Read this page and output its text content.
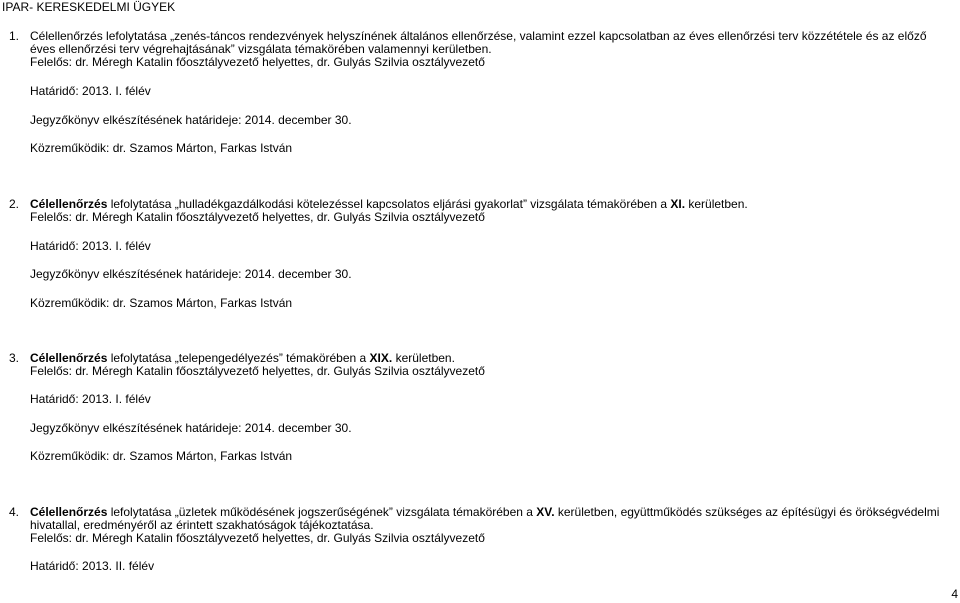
IPAR- KERESKEDELMI ÜGYEK
1. Célellenőrzés lefolytatása „zenés-táncos rendezvények helyszínének általános ellenőrzése, valamint ezzel kapcsolatban az éves ellenőrzési terv közzététele és az előző
éves ellenőrzési terv végrehajtásának” vizsgálata témakörében valamennyi kerületben.
Felelős: dr. Méregh Katalin főosztályvezető helyettes, dr. Gulyás Szilvia osztályvezető
Határidő: 2013. I. félév
Jegyzőkönyv elkészítésének határideje: 2014. december 30.
Közreműködik: dr. Szamos Márton, Farkas István
2. Célellenőrzés lefolytatása „hulladékgazdálkodási kötelezéssel kapcsolatos eljárási gyakorlat” vizsgálata témakörében a XI. kerületben.
Felelős: dr. Méregh Katalin főosztályvezető helyettes, dr. Gulyás Szilvia osztályvezető
Határidő: 2013. I. félév
Jegyzőkönyv elkészítésének határideje: 2014. december 30.
Közreműködik: dr. Szamos Márton, Farkas István
3. Célellenőrzés lefolytatása „telepengedélyezés” témakörében a XIX. kerületben.
Felelős: dr. Méregh Katalin főosztályvezető helyettes, dr. Gulyás Szilvia osztályvezető
Határidő: 2013. I. félév
Jegyzőkönyv elkészítésének határideje: 2014. december 30.
Közreműködik: dr. Szamos Márton, Farkas István
4. Célellenőrzés lefolytatása „üzletek működésének jogszerűségének” vizsgálata témakörében a XV. kerületben, együttműködés szükséges az építésügyi és örökségvédelmi
hivatallal, eredményéről az érintett szakhatóságok tájékoztatása.
Felelős: dr. Méregh Katalin főosztályvezető helyettes, dr. Gulyás Szilvia osztályvezető
Határidő: 2013. II. félév
4
